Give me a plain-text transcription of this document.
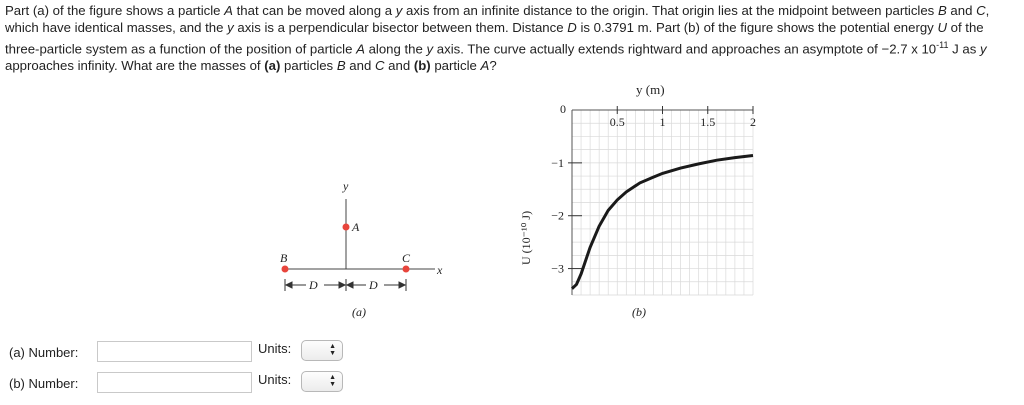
Part (a) of the figure shows a particle A that can be moved along a y axis from an infinite distance to the origin. That origin lies at the midpoint between particles B and C, which have identical masses, and the y axis is a perpendicular bisector between them. Distance D is 0.3791 m. Part (b) of the figure shows the potential energy U of the three-particle system as a function of the position of particle A along the y axis. The curve actually extends rightward and approaches an asymptote of −2.7 x $10^{-11}$ J as y approaches infinity. What are the masses of (a) particles B and C and (b) particle A?

y
x
A
B	C
D	D
(a)
y (m)
0
U (10⁻¹⁰ J)
0.5	1	1.5	2
−1
−2
−3
(b)
(a) Number:	Units:	▲
▼
(b) Number:	Units:	▲
▼
